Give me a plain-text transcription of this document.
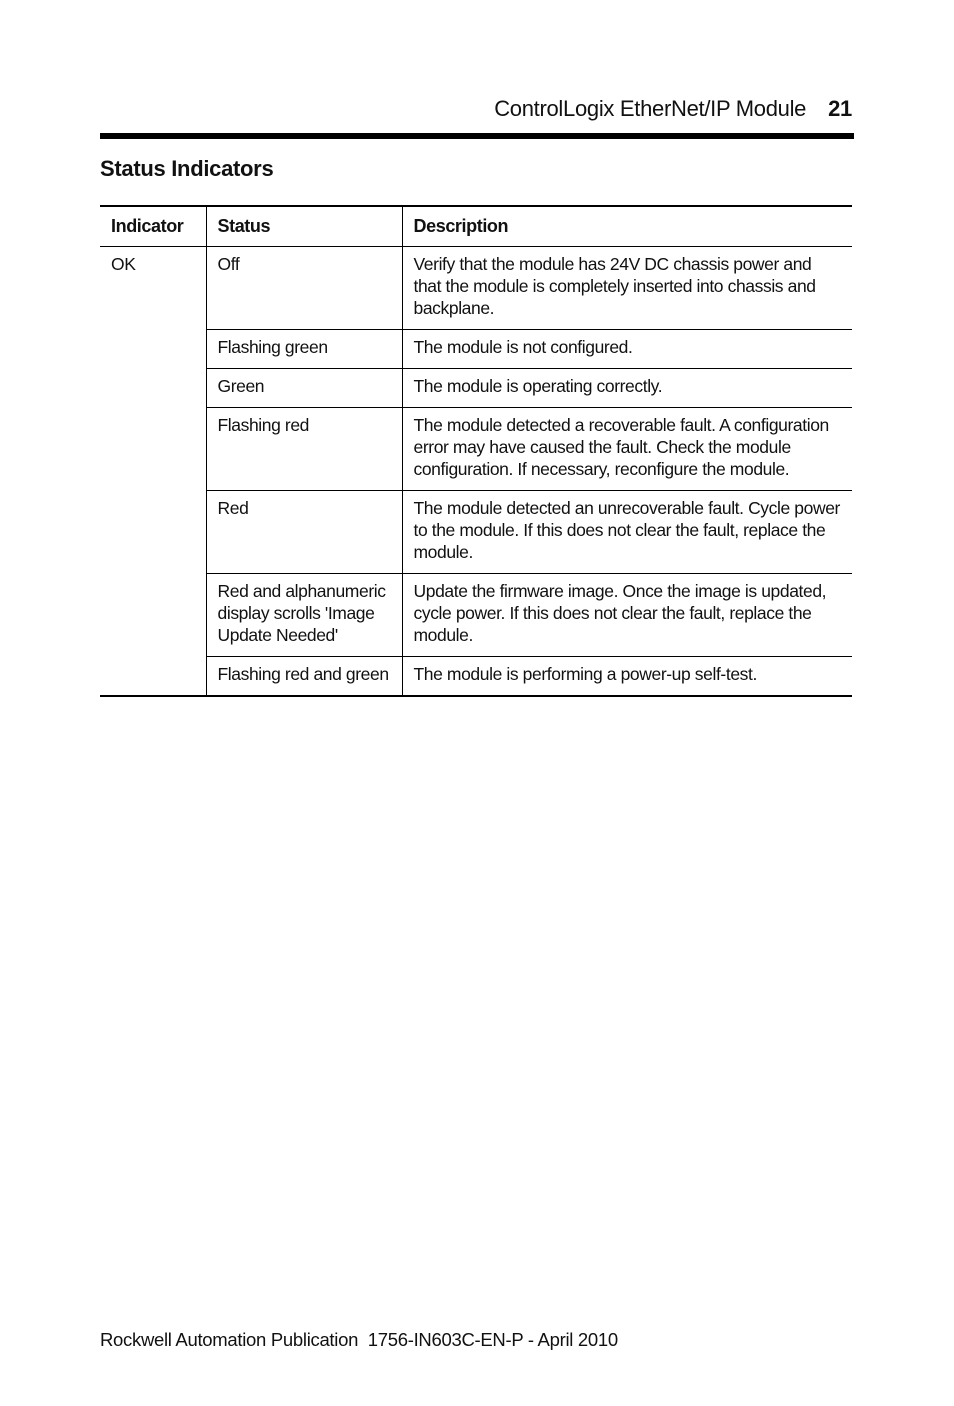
ControlLogix EtherNet/IP Module 21
Status Indicators
Indicator	Status	Description
OK	Off	Verify that the module has 24V DC chassis power and that the module is completely inserted into chassis and backplane.
	Flashing green	The module is not configured.
	Green	The module is operating correctly.
	Flashing red	The module detected a recoverable fault. A configuration error may have caused the fault. Check the module configuration. If necessary, reconfigure the module.
	Red	The module detected an unrecoverable fault. Cycle power to the module. If this does not clear the fault, replace the module.
	Red and alphanumeric display scrolls 'Image Update Needed'	Update the firmware image. Once the image is updated, cycle power. If this does not clear the fault, replace the module.
	Flashing red and green	The module is performing a power-up self-test.
Rockwell Automation Publication 1756-IN603C-EN-P - April 2010
